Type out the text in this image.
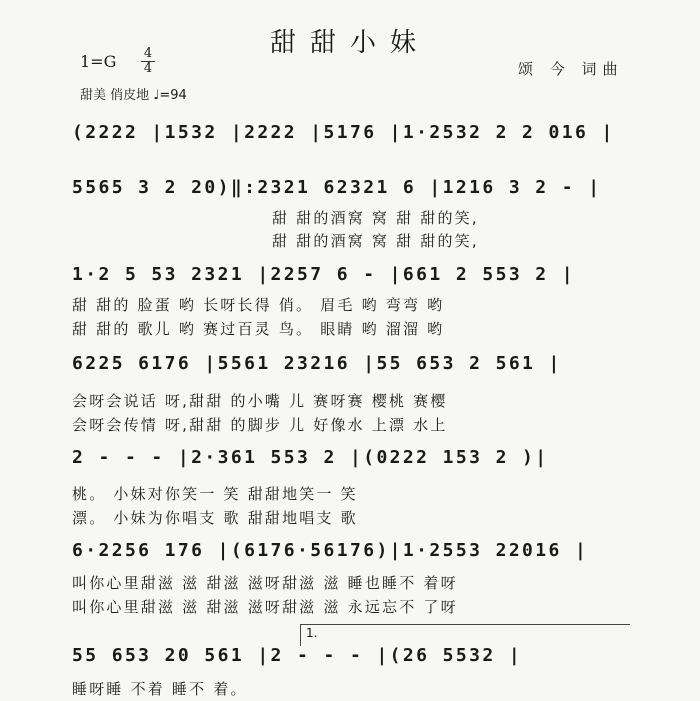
甜甜小妹
$1=G \frac{4}{4}$	颂 今 词曲
甜美 俏皮地 ♩=94
(2222 |1532 |2222 |5176 |1·2532 2 2 016 |
5565 3 2 20)‖:2321 62321 6 |1216 3 2 - |
甜 甜的酒窝 窝 甜 甜的笑,
甜 甜的酒窝 窝 甜 甜的笑,
1·2 5 53 2321 |2257 6 - |661 2 553 2 |
甜 甜的 脸蛋 哟 长呀长得 俏。 眉毛 哟 弯弯 哟
甜 甜的 歌儿 哟 赛过百灵 鸟。 眼睛 哟 溜溜 哟
6225 6176 |5561 23216 |55 653 2 561 |
会呀会说话 呀,甜甜 的小嘴 儿 赛呀赛 樱桃 赛樱
会呀会传情 呀,甜甜 的脚步 儿 好像水 上漂 水上
2 - - - |2·361 553 2 |(0222 153 2 )|
桃。 小妹对你笑一 笑 甜甜地笑一 笑
漂。 小妹为你唱支 歌 甜甜地唱支 歌
6·2256 176 |(6176·56176)|1·2553 22016 |
叫你心里甜滋 滋 甜滋 滋呀甜滋 滋 睡也睡不 着呀
叫你心里甜滋 滋 甜滋 滋呀甜滋 滋 永远忘不 了呀
1.
55 653 20 561 |2 - - - |(26 5532 |
睡呀睡 不着 睡不 着。
